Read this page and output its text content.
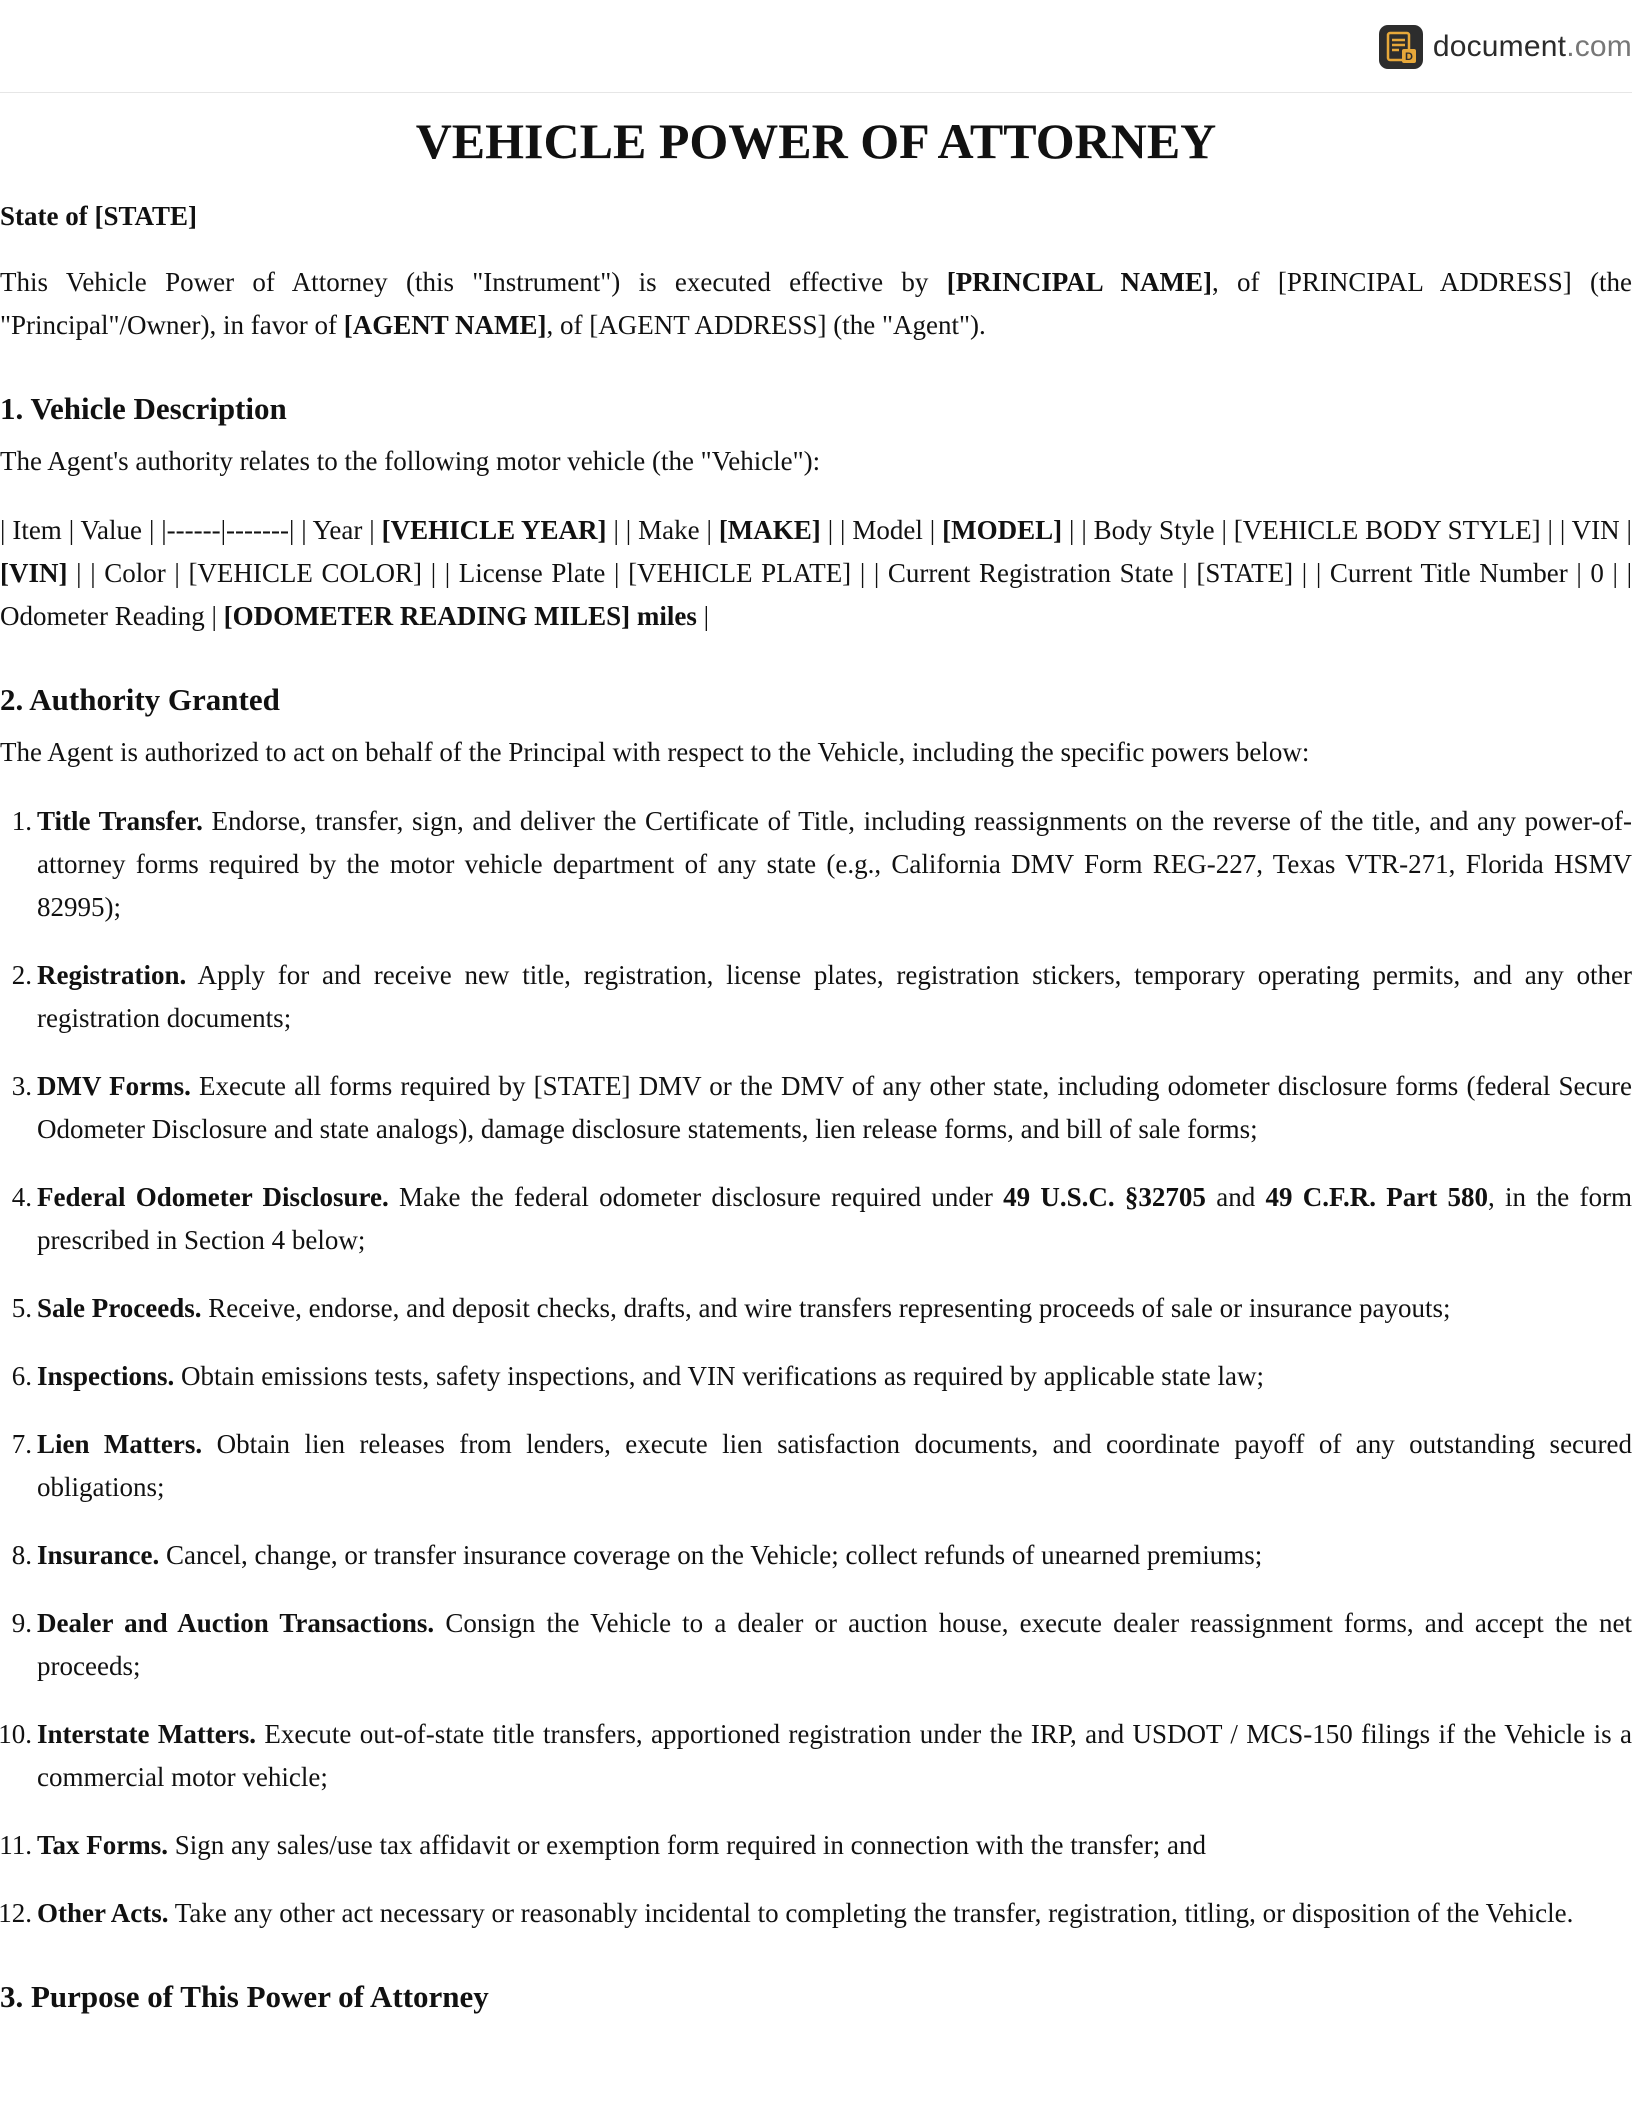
D document.com
VEHICLE POWER OF ATTORNEY
State of [STATE]

This Vehicle Power of Attorney (this "Instrument") is executed effective by [PRINCIPAL NAME], of [PRINCIPAL ADDRESS] (the "Principal"/Owner), in favor of [AGENT NAME], of [AGENT ADDRESS] (the "Agent").

1. Vehicle Description

The Agent's authority relates to the following motor vehicle (the "Vehicle"):

| Item | Value | |------|-------| | Year | [VEHICLE YEAR] | | Make | [MAKE] | | Model | [MODEL] | | Body Style | [VEHICLE BODY STYLE] | | VIN | [VIN] | | Color | [VEHICLE COLOR] | | License Plate | [VEHICLE PLATE] | | Current Registration State | [STATE] | | Current Title Number | 0 | | Odometer Reading | [ODOMETER READING MILES] miles |

2. Authority Granted

The Agent is authorized to act on behalf of the Principal with respect to the Vehicle, including the specific powers below:

Title Transfer. Endorse, transfer, sign, and deliver the Certificate of Title, including reassignments on the reverse of the title, and any power-of-attorney forms required by the motor vehicle department of any state (e.g., California DMV Form REG-227, Texas VTR-271, Florida HSMV 82995);
Registration. Apply for and receive new title, registration, license plates, registration stickers, temporary operating permits, and any other registration documents;
DMV Forms. Execute all forms required by [STATE] DMV or the DMV of any other state, including odometer disclosure forms (federal Secure Odometer Disclosure and state analogs), damage disclosure statements, lien release forms, and bill of sale forms;
Federal Odometer Disclosure. Make the federal odometer disclosure required under 49 U.S.C. §32705 and 49 C.F.R. Part 580, in the form prescribed in Section 4 below;
Sale Proceeds. Receive, endorse, and deposit checks, drafts, and wire transfers representing proceeds of sale or insurance payouts;
Inspections. Obtain emissions tests, safety inspections, and VIN verifications as required by applicable state law;
Lien Matters. Obtain lien releases from lenders, execute lien satisfaction documents, and coordinate payoff of any outstanding secured obligations;
Insurance. Cancel, change, or transfer insurance coverage on the Vehicle; collect refunds of unearned premiums;
Dealer and Auction Transactions. Consign the Vehicle to a dealer or auction house, execute dealer reassignment forms, and accept the net proceeds;
Interstate Matters. Execute out-of-state title transfers, apportioned registration under the IRP, and USDOT / MCS-150 filings if the Vehicle is a commercial motor vehicle;
Tax Forms. Sign any sales/use tax affidavit or exemption form required in connection with the transfer; and
Other Acts. Take any other act necessary or reasonably incidental to completing the transfer, registration, titling, or disposition of the Vehicle.
3. Purpose of This Power of Attorney
